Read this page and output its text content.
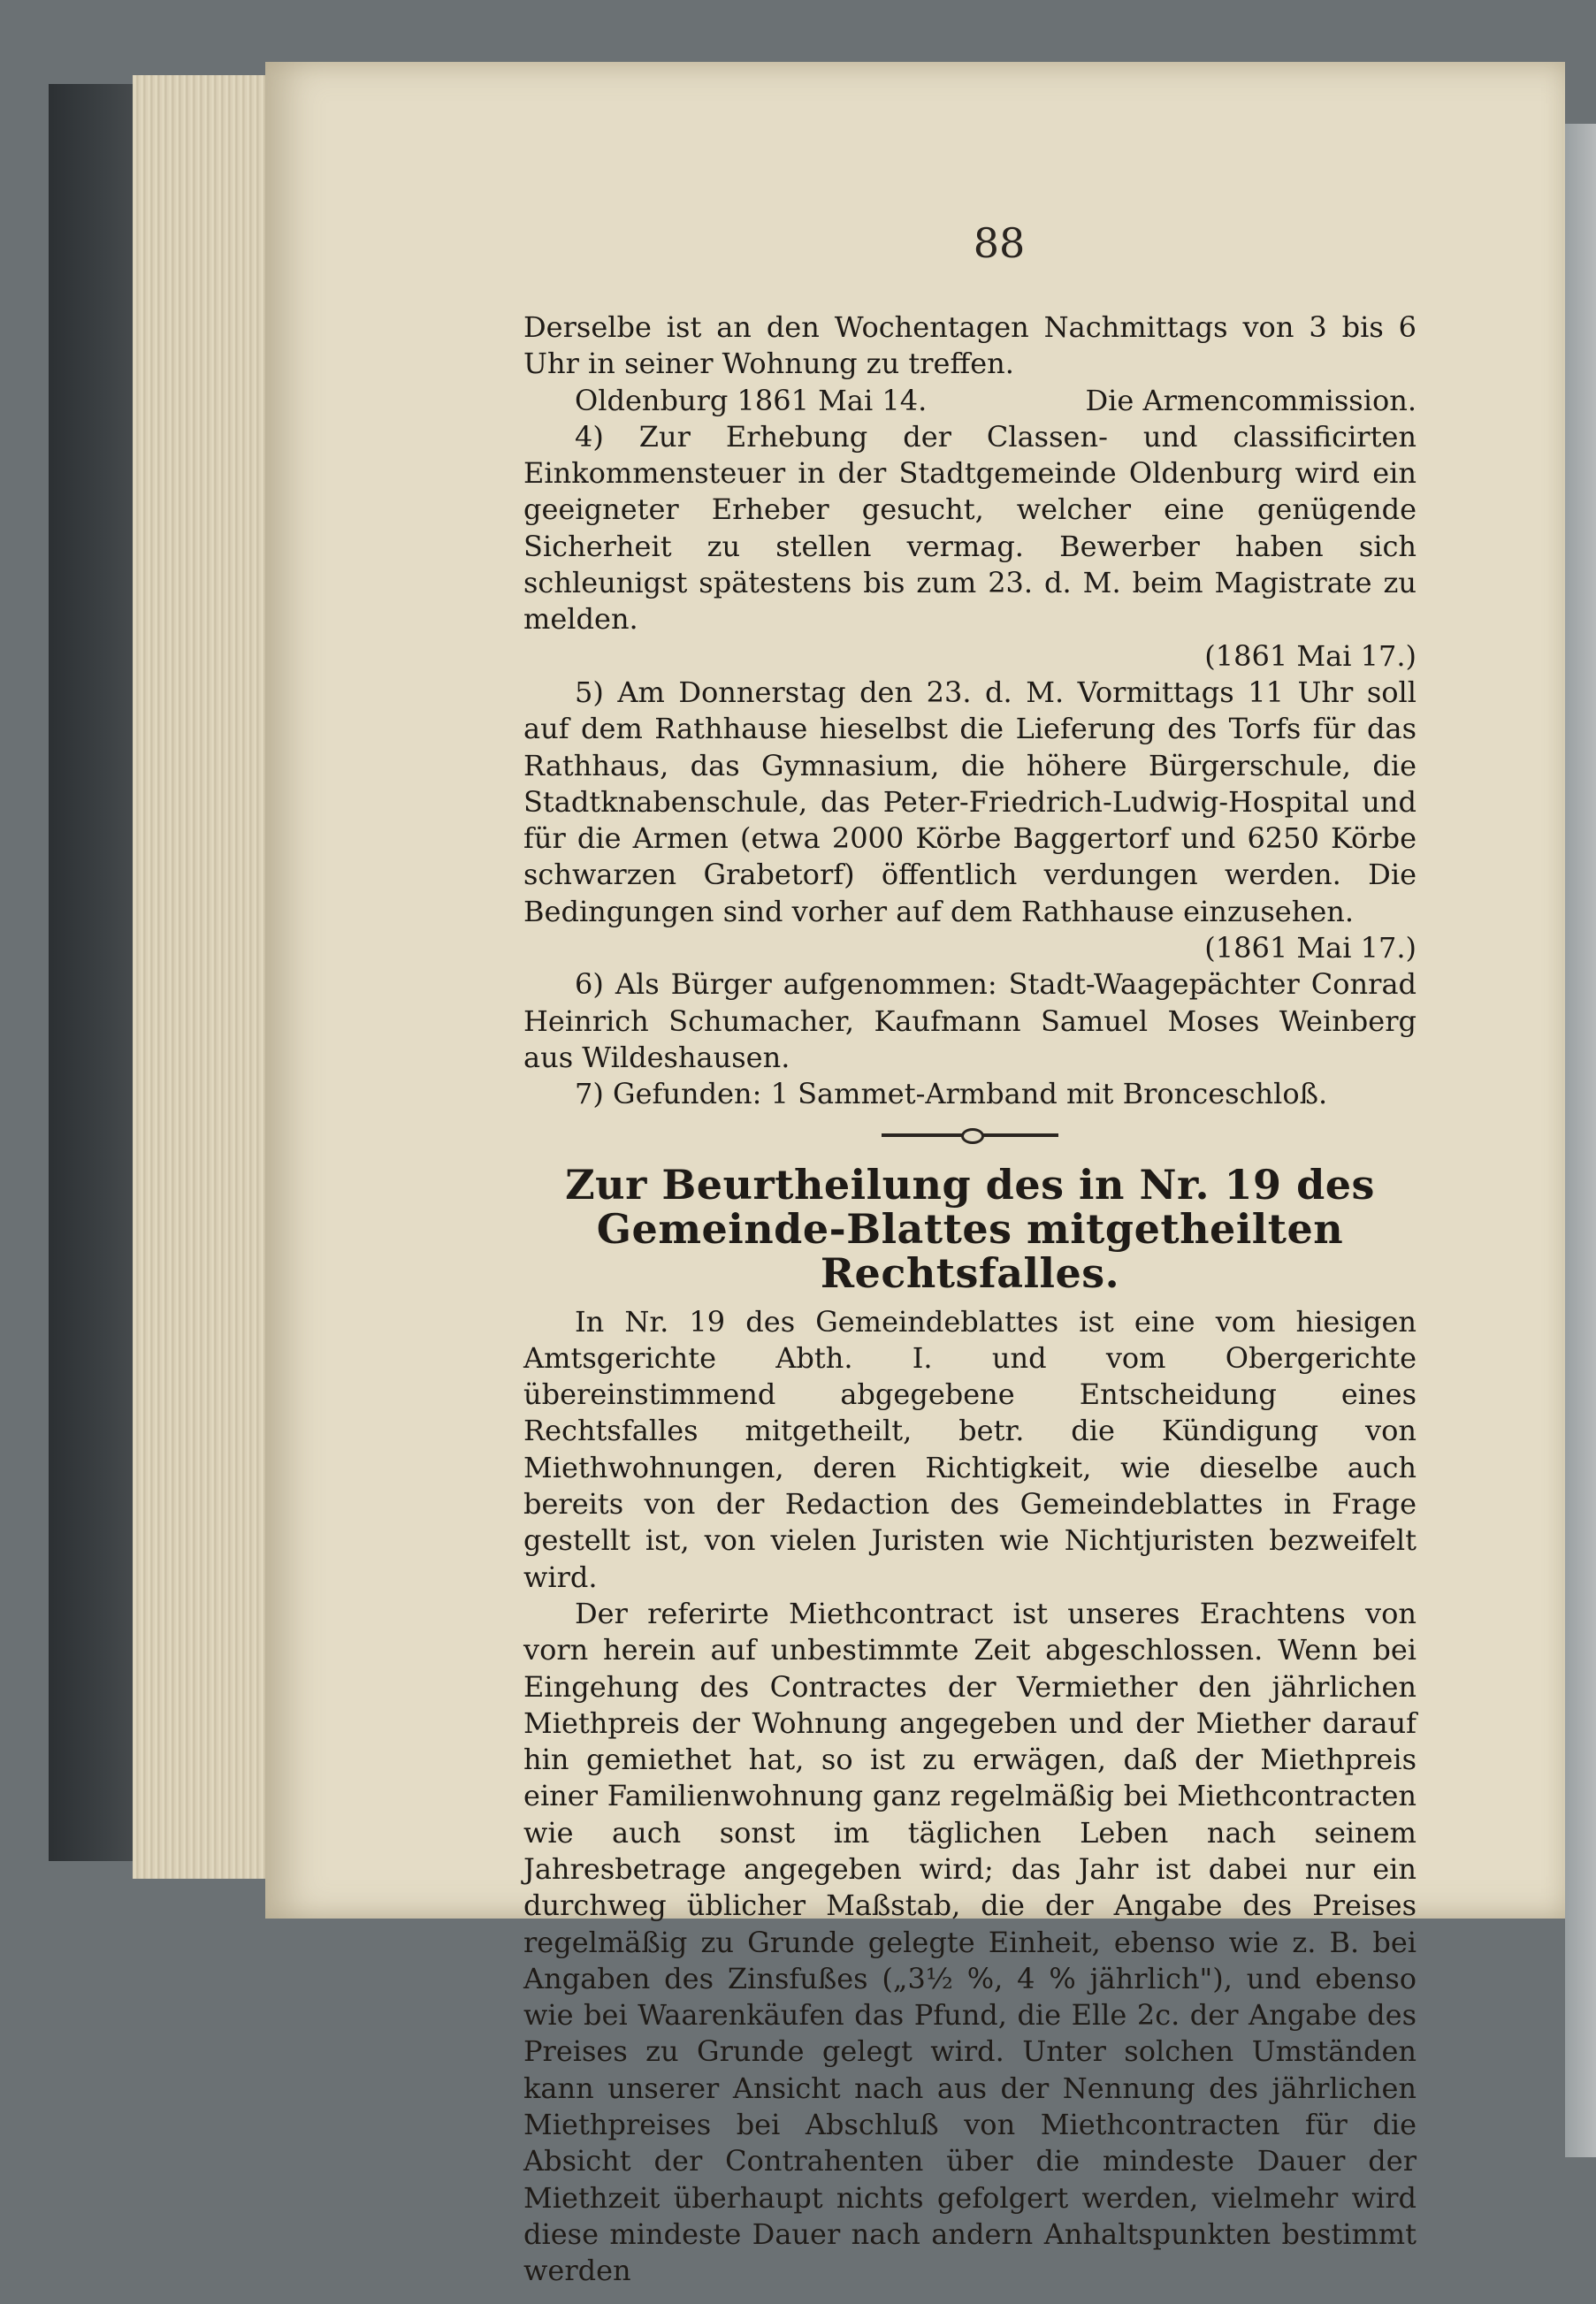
88

Derselbe ist an den Wochentagen Nachmittags von 3 bis 6 Uhr in seiner Wohnung zu treffen.

Oldenburg 1861 Mai 14.	Die Armencommission.

4) Zur Erhebung der Classen- und classificirten Einkommensteuer in der Stadtgemeinde Oldenburg wird ein geeigneter Erheber gesucht, welcher eine genügende Sicherheit zu stellen vermag. Bewerber haben sich schleunigst spätestens bis zum 23. d. M. beim Magistrate zu melden.

(1861 Mai 17.)

5) Am Donnerstag den 23. d. M. Vormittags 11 Uhr soll auf dem Rathhause hieselbst die Lieferung des Torfs für das Rathhaus, das Gymnasium, die höhere Bürgerschule, die Stadtknabenschule, das Peter-Friedrich-Ludwig-Hospital und für die Armen (etwa 2000 Körbe Baggertorf und 6250 Körbe schwarzen Grabetorf) öffentlich verdungen werden. Die Bedingungen sind vorher auf dem Rathhause einzusehen.

(1861 Mai 17.)

6) Als Bürger aufgenommen: Stadt-Waagepächter Conrad Heinrich Schumacher, Kaufmann Samuel Moses Weinberg aus Wildeshausen.

7) Gefunden: 1 Sammet-Armband mit Bronceschloß.

Zur Beurtheilung des in Nr. 19 des Gemeinde-Blattes mitgetheilten Rechtsfalles.

In Nr. 19 des Gemeindeblattes ist eine vom hiesigen Amtsgerichte Abth. I. und vom Obergerichte übereinstimmend abgegebene Entscheidung eines Rechtsfalles mitgetheilt, betr. die Kündigung von Miethwohnungen, deren Richtigkeit, wie dieselbe auch bereits von der Redaction des Gemeindeblattes in Frage gestellt ist, von vielen Juristen wie Nichtjuristen bezweifelt wird.

Der referirte Miethcontract ist unseres Erachtens von vorn herein auf unbestimmte Zeit abgeschlossen. Wenn bei Eingehung des Contractes der Vermiether den jährlichen Miethpreis der Wohnung angegeben und der Miether darauf hin gemiethet hat, so ist zu erwägen, daß der Miethpreis einer Familienwohnung ganz regelmäßig bei Miethcontracten wie auch sonst im täglichen Leben nach seinem Jahresbetrage angegeben wird; das Jahr ist dabei nur ein durchweg üblicher Maßstab, die der Angabe des Preises regelmäßig zu Grunde gelegte Einheit, ebenso wie z. B. bei Angaben des Zinsfußes („3½ %, 4 % jährlich"), und ebenso wie bei Waarenkäufen das Pfund, die Elle 2c. der Angabe des Preises zu Grunde gelegt wird. Unter solchen Umständen kann unserer Ansicht nach aus der Nennung des jährlichen Miethpreises bei Abschluß von Miethcontracten für die Absicht der Contrahenten über die mindeste Dauer der Miethzeit überhaupt nichts gefolgert werden, vielmehr wird diese mindeste Dauer nach andern Anhaltspunkten bestimmt werden
